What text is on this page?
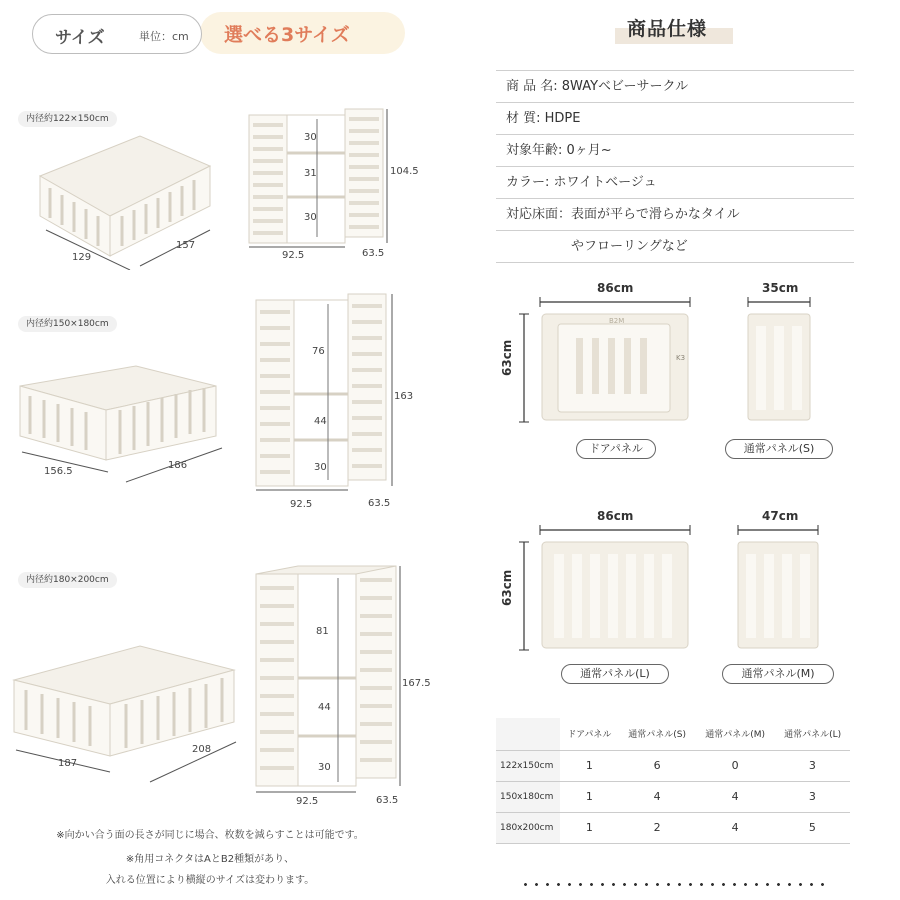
選べる3サイズ
サイズ	単位：cm
内径約122×150cm
129
157
30
31
30
104.5
92.5	63.5
内径約150×180cm
156.5
186
76
44
30
163
92.5	63.5
内径約180×200cm
187
208
81
44
30
167.5
92.5	63.5
※向かい合う面の長さが同じに場合、枚数を減らすことは可能です。
※角用コネクタはAとB2種類があり、
入れる位置により横縦のサイズは変わります。
商品仕様
商 品 名: 8WAYベビーサークル
材 質: HDPE
対象年齢: 0ヶ月~
カラー: ホワイトベージュ
対応床面：表面が平らで滑らかなタイル
　　　　　やフローリングなど
86cm
B2M
K3
63cm
ドアパネル
35cm
通常パネル(S)
86cm
63cm
通常パネル(L)
47cm
通常パネル(M)
	ドアパネル	通常パネル(S)	通常パネル(M)	通常パネル(L)
122x150cm	1	6	0	3
150x180cm	1	4	4	3
180x200cm	1	2	4	5
